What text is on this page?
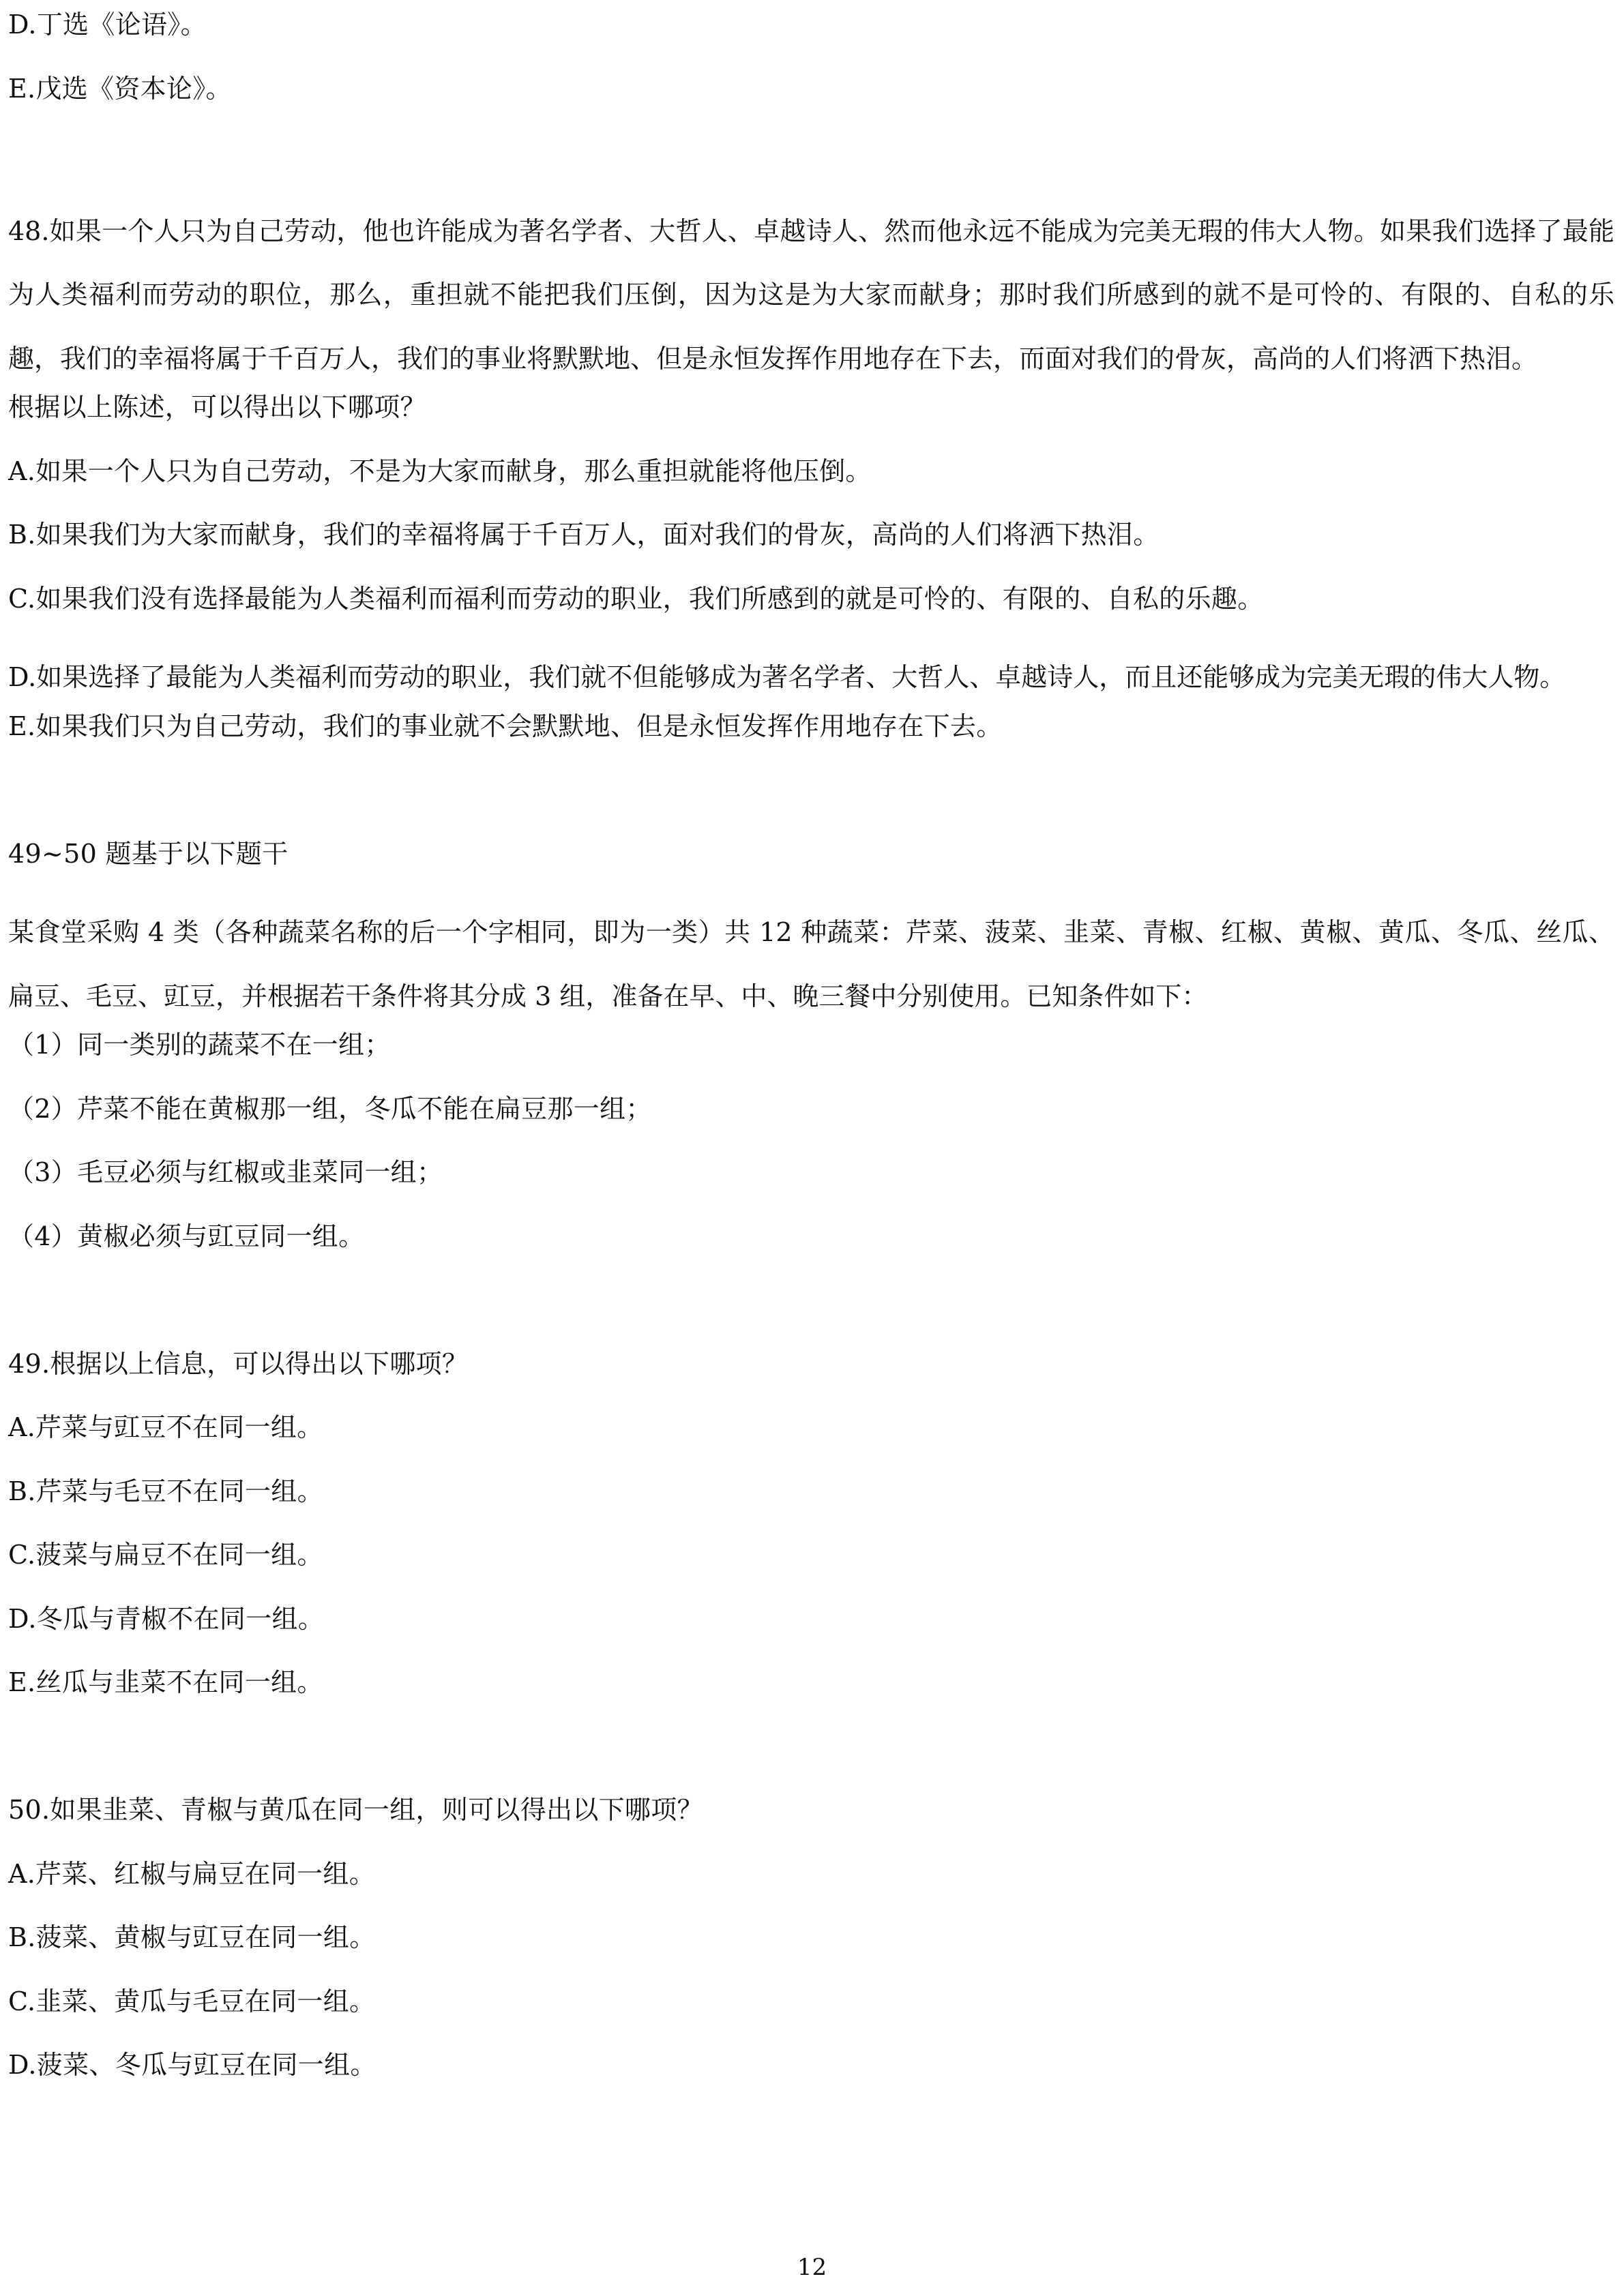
D.丁选《论语》。
E.戊选《资本论》。

48.如果一个人只为自己劳动，他也许能成为著名学者、大哲人、卓越诗人、然而他永远不能成为完美无瑕的伟大人物。如果我们选择了最能为人类福利而劳动的职位，那么，重担就不能把我们压倒，因为这是为大家而献身；那时我们所感到的就不是可怜的、有限的、自私的乐趣，我们的幸福将属于千百万人，我们的事业将默默地、但是永恒发挥作用地存在下去，而面对我们的骨灰，高尚的人们将洒下热泪。

根据以上陈述，可以得出以下哪项？
A.如果一个人只为自己劳动，不是为大家而献身，那么重担就能将他压倒。
B.如果我们为大家而献身，我们的幸福将属于千百万人，面对我们的骨灰，高尚的人们将洒下热泪。
C.如果我们没有选择最能为人类福利而福利而劳动的职业，我们所感到的就是可怜的、有限的、自私的乐趣。

D.如果选择了最能为人类福利而劳动的职业，我们就不但能够成为著名学者、大哲人、卓越诗人，而且还能够成为完美无瑕的伟大人物。

E.如果我们只为自己劳动，我们的事业就不会默默地、但是永恒发挥作用地存在下去。
49~50 题基于以下题干

某食堂采购 4 类（各种蔬菜名称的后一个字相同，即为一类）共 12 种蔬菜：芹菜、菠菜、韭菜、青椒、红椒、黄椒、黄瓜、冬瓜、丝瓜、扁豆、毛豆、豇豆，并根据若干条件将其分成 3 组，准备在早、中、晚三餐中分别使用。已知条件如下：

（1）同一类别的蔬菜不在一组；
（2）芹菜不能在黄椒那一组，冬瓜不能在扁豆那一组；
（3）毛豆必须与红椒或韭菜同一组；
（4）黄椒必须与豇豆同一组。
49.根据以上信息，可以得出以下哪项？
A.芹菜与豇豆不在同一组。
B.芹菜与毛豆不在同一组。
C.菠菜与扁豆不在同一组。
D.冬瓜与青椒不在同一组。
E.丝瓜与韭菜不在同一组。
50.如果韭菜、青椒与黄瓜在同一组，则可以得出以下哪项？
A.芹菜、红椒与扁豆在同一组。
B.菠菜、黄椒与豇豆在同一组。
C.韭菜、黄瓜与毛豆在同一组。
D.菠菜、冬瓜与豇豆在同一组。
12
